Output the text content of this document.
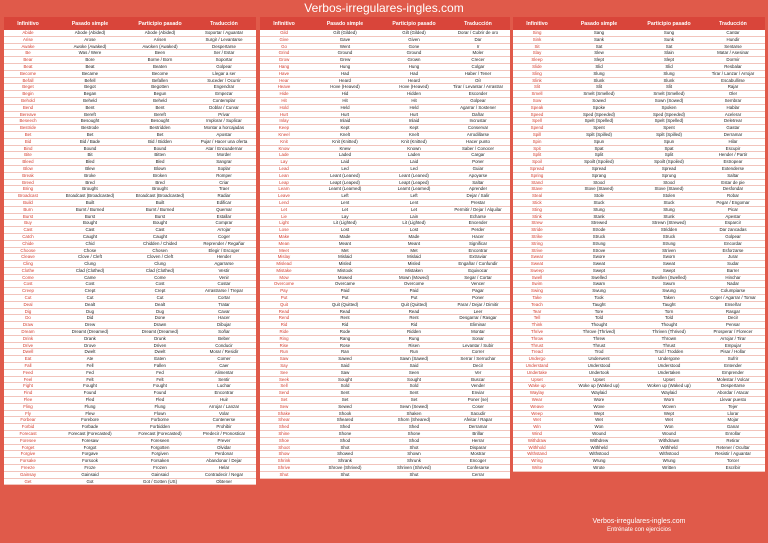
Verbos-irregulares-ingles.com
Infinitivo	Pasado simple	Participio pasado	Traducción
Abide	Abode (Abided)	Abode (Abided)	Soportar / Aguantar
Arise	Arose	Arisen	Surgir / Levantarse
Awake	Awoke (Awaked)	Awoken (Awaked)	Despertarse
Be	Was / Were	Been	Ser / Estar
Bear	Bore	Borne / Born	Soportar
Beat	Beat	Beaten	Golpear
Become	Became	Become	Llegar a ser
Befall	Befell	Befallen	Suceder / Ocurrir
Beget	Begot	Begotten	Engendrar
Begin	Began	Begun	Empezar
Behold	Beheld	Beheld	Contemplar
Bend	Bent	Bent	Doblar / Curvar
Bereave	Bereft	Bereft	Privar
Beseech	Besought	Besought	Implorar / Suplicar
Bestride	Bestrode	Bestridden	Montar a horcajadas
Bet	Bet	Bet	Apostar
Bid	Bid / Bade	Bid / Bidden	Pujar / Hacer una oferta
Bind	Bound	Bound	Atar / Encuadernar
Bite	Bit	Bitten	Morder
Bleed	Bled	Bled	Sangrar
Blow	Blew	Blown	Soplar
Break	Broke	Broken	Romper
Breed	Bred	Bred	Criar
Bring	Brought	Brought	Traer
Broadcast	Broadcast (Broadcasted)	Broadcast (Broadcasted)	Radiar
Build	Built	Built	Edificar
Burn	Burnt / Burned	Burnt / Burned	Quemar
Burst	Burst	Burst	Estallar
Buy	Bought	Bought	Comprar
Cast	Cast	Cast	Arrojar
Catch	Caught	Caught	Coger
Chide	Chid	Chidden / Chided	Reprender / Regañar
Choose	Chose	Chosen	Elegir / Escoger
Cleave	Clove / Cleft	Cloven / Cleft	Hender
Cling	Clung	Clung	Agarrarse
Clothe	Clad (Clothed)	Clad (Clothed)	Vestir
Come	Came	Come	Venir
Cost	Cost	Cost	Costar
Creep	Crept	Crept	Arrastrarse / Trepar
Cut	Cut	Cut	Cortar
Deal	Dealt	Dealt	Tratar
Dig	Dug	Dug	Cavar
Do	Did	Done	Hacer
Draw	Drew	Drawn	Dibujar
Dream	Dreamt (Dreamed)	Dreamt (Dreamed)	Soñar
Drink	Drank	Drunk	Beber
Drive	Drove	Driven	Conducir
Dwell	Dwelt	Dwelt	Morar / Residir
Eat	Ate	Eaten	Comer
Fall	Fell	Fallen	Caer
Feed	Fed	Fed	Alimentar
Feel	Felt	Felt	Sentir
Fight	Fought	Fought	Luchar
Find	Found	Found	Encontrar
Flee	Fled	Fled	Huir
Fling	Flung	Flung	Arrojar / Lanzar
Fly	Flew	Flown	Volar
Forbear	Forebore	Forborne	Contenerse
Forbid	Forbade	Forbidden	Prohibir
Forecast	Forecast (Forecasted)	Forecast (Forecasted)	Predecir / Pronosticar
Foresee	Foresaw	Foreseen	Prever
Forget	Forgot	Forgotten	Olvidar
Forgive	Forgave	Forgiven	Perdonar
Forsake	Forsook	Forsaken	Abandonar / Dejar
Freeze	Froze	Frozen	Helar
Gainsay	Gainsaid	Gainsaid	Contradecir / Negar
Get	Got	Got / Gotten (US)	Obtener
Infinitivo	Pasado simple	Participio pasado	Traducción
Gild	Gilt (Gilded)	Gilt (Gilded)	Dorar / Cubrir de oro
Give	Gave	Given	Dar
Go	Went	Gone	Ir
Grind	Ground	Ground	Moler
Grow	Grew	Grown	Crecer
Hang	Hung	Hung	Colgar
Have	Had	Had	Haber / Tener
Hear	Heard	Heard	Oír
Heave	Hove (Heaved)	Hove (Heaved)	Tirar / Levantar / Arrastrar
Hide	Hid	Hidden	Esconder
Hit	Hit	Hit	Golpear
Hold	Held	Held	Agarrar / Sostener
Hurt	Hurt	Hurt	Dañar
Inlay	Inlaid	Inlaid	Incrustar
Keep	Kept	Kept	Conservar
Kneel	Knelt	Knelt	Arrodillarse
Knit	Knit (Knitted)	Knit (Knitted)	Hacer punto
Know	Knew	Known	Saber / Conocer
Lade	Laded	Laden	Cargar
Lay	Laid	Laid	Poner
Lead	Led	Led	Guiar
Lean	Leant (Leaned)	Leant (Leaned)	Apoyarse
Leap	Leapt (Leaped)	Leapt (Leaped)	Saltar
Learn	Learnt (Learned)	Learnt (Learned)	Aprender
Leave	Left	Left	Dejar / Salir
Lend	Lent	Lent	Prestar
Let	Let	Let	Permitir / Dejar / Alquilar
Lie	Lay	Lain	Echarse
Light	Lit (Lighted)	Lit (Lighted)	Encender
Lose	Lost	Lost	Perder
Make	Made	Made	Hacer
Mean	Meant	Meant	Significar
Meet	Met	Met	Encontrar
Mislay	Mislaid	Mislaid	Extraviar
Mislead	Misled	Misled	Engañar / Confundir
Mistake	Mistook	Mistaken	Equivocar
Mow	Mowed	Mown (Mowed)	Segar / Cortar
Overcome	Overcame	Overcome	Vencer
Pay	Paid	Paid	Pagar
Put	Put	Put	Poner
Quit	Quit (Quitted)	Quit (Quitted)	Parar / Dejar / Dimitir
Read	Read	Read	Leer
Rend	Rent	Rent	Desgarrar / Rasgar
Rid	Rid	Rid	Eliminar
Ride	Rode	Ridden	Montar
Ring	Rang	Rung	Sonar
Rise	Rose	Risen	Levantar / Subir
Run	Ran	Run	Correr
Saw	Sawed	Sawn (Sawed)	Serrar / Serruchar
Say	Said	Said	Decir
See	Saw	Seen	Ver
Seek	Sought	Sought	Buscar
Sell	Sold	Sold	Vender
Send	Sent	Sent	Enviar
Set	Set	Set	Poner (se)
Sew	Sewed	Sewn (Sewed)	Coser
Shake	Shook	Shaken	Sacudir
Shear	Sheared	Shorn (Sheared)	Afeitar / Rapar
Shed	Shed	Shed	Derramar
Shine	Shone	Shone	Brillar
Shoe	Shod	Shod	Herrar
Shoot	Shot	Shot	Disparar
Show	Showed	Shown	Mostrar
Shrink	Shrank	Shrunk	Encoger
Shrive	Shrove (Shrived)	Shriven (Shrived)	Confesarse
Shut	Shut	Shut	Cerrar
Infinitivo	Pasado simple	Participio pasado	Traducción
Sing	Sang	Sung	Cantar
Sink	Sank	Sunk	Hundir
Sit	Sat	Sat	Sentarse
Slay	Slew	Slain	Matar / Asesinar
Sleep	Slept	Slept	Dormir
Slide	Slid	Slid	Resbalar
Sling	Slung	Slung	Tirar / Lanzar / Arrojar
Slink	Slunk	Slunk	Escabullirse
Slit	Slit	Slit	Rajar
Smell	Smelt (Smelled)	Smelt (Smelled)	Oler
Sow	Sowed	Sown (Sowed)	Sembrar
Speak	Spoke	Spoken	Hablar
Speed	Sped (Speeded)	Sped (Speeded)	Acelerar
Spell	Spelt (Spelled)	Spelt (Spelled)	Deletrear
Spend	Spent	Spent	Gastar
Spill	Spilt (Spilled)	Spilt (Spilled)	Derramar
Spin	Spun	Spun	Hilar
Spit	Spat	Spat	Escupir
Split	Split	Split	Hender / Partir
Spoil	Spoilt (Spoiled)	Spoilt (Spoiled)	Estropear
Spread	Spread	Spread	Extenderse
Spring	Sprang	Sprung	Saltar
Stand	Stood	Stood	Estar de pie
Stave	Stove (Staved)	Stove (Staved)	Desfondar
Steal	Stole	Stolen	Robar
Stick	Stuck	Stuck	Pegar / Engomar
Sting	Stung	Stung	Picar
Stink	Stank	Stunk	Apestar
Strew	Strewed	Strewn (Strewed)	Esparcir
Stride	Strode	Stridden	Dar zancadas
Strike	Struck	Struck	Golpear
String	Strung	Strung	Encordar
Strive	Strove	Striven	Esforzarse
Swear	Swore	Sworn	Jurar
Sweat	Sweat	Sweat	Sudar
Sweep	Swept	Swept	Barrer
Swell	Swelled	Swollen (Swelled)	Hinchar
Swim	Swam	Swum	Nadar
Swing	Swung	Swung	Columpiarse
Take	Took	Taken	Coger / Agarrar / Tomar
Teach	Taught	Taught	Enseñar
Tear	Tore	Torn	Rasgar
Tell	Told	Told	Decir
Think	Thought	Thought	Pensar
Thrive	Throve (Thrived)	Thriven (Thrived)	Prosperar / Florecer
Throw	Threw	Thrown	Arrojar / Tirar
Thrust	Thrust	Thrust	Empujar
Tread	Trod	Trod / Trodden	Pisar / Hollar
Undergo	Underwent	Undergone	Sufrir
Understand	Understood	Understood	Entender
Undertake	Undertook	Undertaken	Emprender
Upset	Upset	Upset	Molestar / Volcar
Wake up	Woke up (Waked up)	Woken up (Waked up)	Despertarse
Waylay	Waylaid	Waylaid	Abordar / Atacar
Wear	Wore	Worn	Llevar puesto
Weave	Wove	Woven	Tejer
Weep	Wept	Wept	Llorar
Wet	Wet	Wet	Mojar
Win	Won	Won	Ganar
Wind	Wound	Wound	Enrollar
Withdraw	Withdrew	Withdrawn	Retirar
Withhold	Withheld	Withheld	Retener / Ocultar
Withstand	Withstood	Withstood	Resistir / Aguantar
Wring	Wrung	Wrung	Torcer
Write	Wrote	Written	Escribir
Verbos-irregulares-ingles.com
Entrénate con ejercicios
